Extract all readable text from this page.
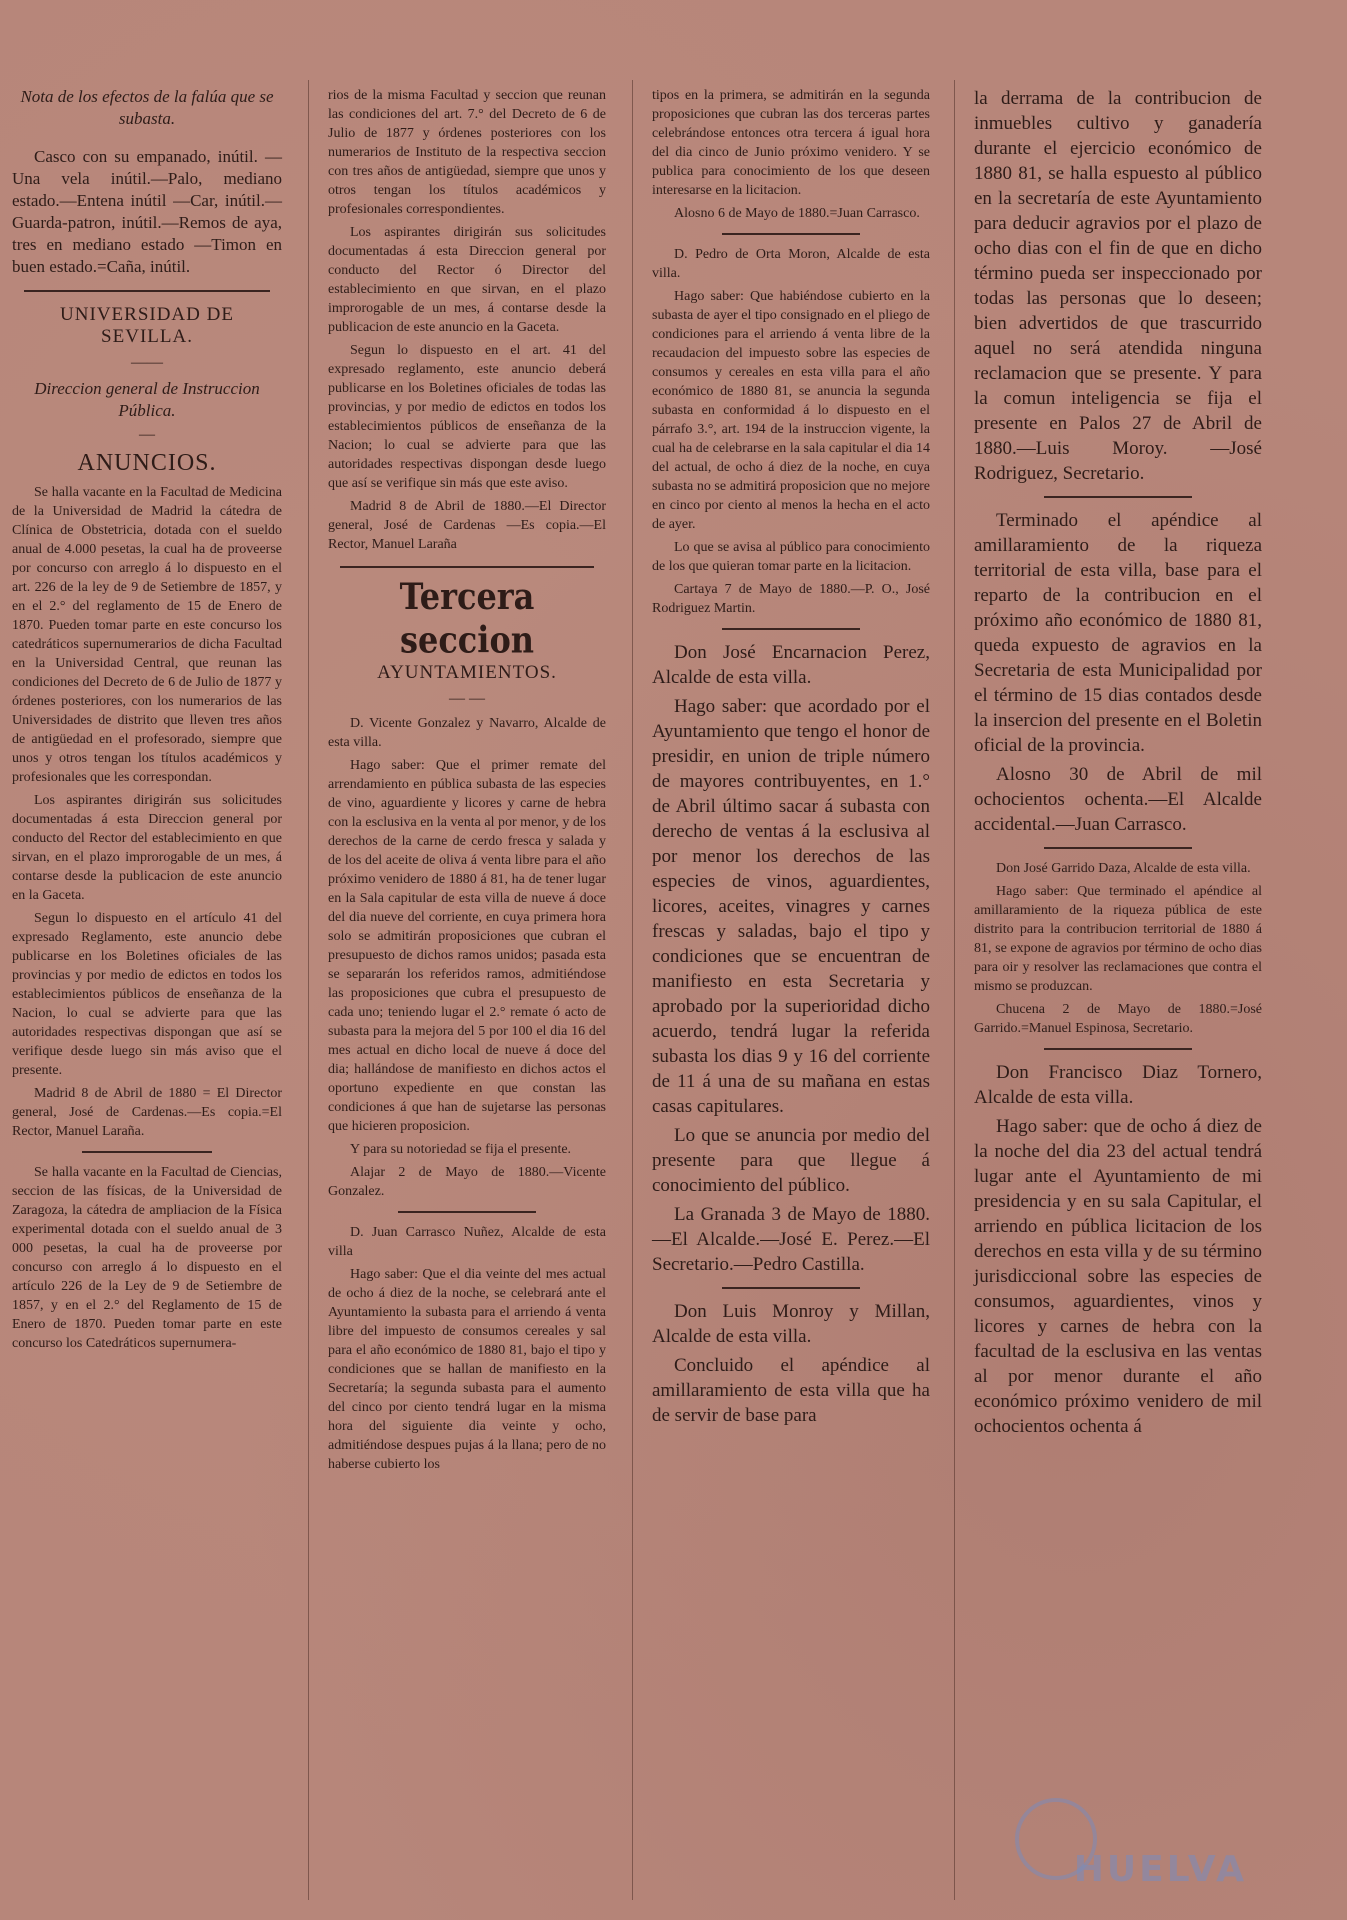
Nota de los efectos de la falúa que se subasta.

Casco con su empanado, inútil. —Una vela inútil.—Palo, mediano estado.—Entena inútil —Car, inútil.—Guarda-patron, inútil.—Remos de aya, tres en mediano estado —Timon en buen estado.=Caña, inútil.

UNIVERSIDAD DE SEVILLA.
——

Direccion general de Instruccion Pública.

—
ANUNCIOS.

Se halla vacante en la Facultad de Medicina de la Universidad de Madrid la cátedra de Clínica de Obstetricia, dotada con el sueldo anual de 4.000 pesetas, la cual ha de proveerse por concurso con arreglo á lo dispuesto en el art. 226 de la ley de 9 de Setiembre de 1857, y en el 2.° del reglamento de 15 de Enero de 1870. Pueden tomar parte en este concurso los catedráticos supernumerarios de dicha Facultad en la Universidad Central, que reunan las condiciones del Decreto de 6 de Julio de 1877 y órdenes posteriores, con los numerarios de las Universidades de distrito que lleven tres años de antigüedad en el profesorado, siempre que unos y otros tengan los títulos académicos y profesionales que les correspondan.

Los aspirantes dirigirán sus solicitudes documentadas á esta Direccion general por conducto del Rector del establecimiento en que sirvan, en el plazo improrogable de un mes, á contarse desde la publicacion de este anuncio en la Gaceta.

Segun lo dispuesto en el artículo 41 del expresado Reglamento, este anuncio debe publicarse en los Boletines oficiales de las provincias y por medio de edictos en todos los establecimientos públicos de enseñanza de la Nacion, lo cual se advierte para que las autoridades respectivas dispongan que así se verifique desde luego sin más aviso que el presente.

Madrid 8 de Abril de 1880 = El Director general, José de Cardenas.—Es copia.=El Rector, Manuel Laraña.

Se halla vacante en la Facultad de Ciencias, seccion de las físicas, de la Universidad de Zaragoza, la cátedra de ampliacion de la Física experimental dotada con el sueldo anual de 3 000 pesetas, la cual ha de proveerse por concurso con arreglo á lo dispuesto en el artículo 226 de la Ley de 9 de Setiembre de 1857, y en el 2.° del Reglamento de 15 de Enero de 1870. Pueden tomar parte en este concurso los Catedráticos supernumera-

rios de la misma Facultad y seccion que reunan las condiciones del art. 7.° del Decreto de 6 de Julio de 1877 y órdenes posteriores con los numerarios de Instituto de la respectiva seccion con tres años de antigüedad, siempre que unos y otros tengan los títulos académicos y profesionales correspondientes.

Los aspirantes dirigirán sus solicitudes documentadas á esta Direccion general por conducto del Rector ó Director del establecimiento en que sirvan, en el plazo improrogable de un mes, á contarse desde la publicacion de este anuncio en la Gaceta.

Segun lo dispuesto en el art. 41 del expresado reglamento, este anuncio deberá publicarse en los Boletines oficiales de todas las provincias, y por medio de edictos en todos los establecimientos públicos de enseñanza de la Nacion; lo cual se advierte para que las autoridades respectivas dispongan desde luego que así se verifique sin más que este aviso.

Madrid 8 de Abril de 1880.—El Director general, José de Cardenas —Es copia.—El Rector, Manuel Laraña

Tercera seccion
AYUNTAMIENTOS.
— —

D. Vicente Gonzalez y Navarro, Alcalde de esta villa.

Hago saber: Que el primer remate del arrendamiento en pública subasta de las especies de vino, aguardiente y licores y carne de hebra con la esclusiva en la venta al por menor, y de los derechos de la carne de cerdo fresca y salada y de los del aceite de oliva á venta libre para el año próximo venidero de 1880 á 81, ha de tener lugar en la Sala capitular de esta villa de nueve á doce del dia nueve del corriente, en cuya primera hora solo se admitirán proposiciones que cubran el presupuesto de dichos ramos unidos; pasada esta se separarán los referidos ramos, admitiéndose las proposiciones que cubra el presupuesto de cada uno; teniendo lugar el 2.° remate ó acto de subasta para la mejora del 5 por 100 el dia 16 del mes actual en dicho local de nueve á doce del dia; hallándose de manifiesto en dichos actos el oportuno expediente en que constan las condiciones á que han de sujetarse las personas que hicieren proposicion.

Y para su notoriedad se fija el presente.

Alajar 2 de Mayo de 1880.—Vicente Gonzalez.

D. Juan Carrasco Nuñez, Alcalde de esta villa

Hago saber: Que el dia veinte del mes actual de ocho á diez de la noche, se celebrará ante el Ayuntamiento la subasta para el arriendo á venta libre del impuesto de consumos cereales y sal para el año económico de 1880 81, bajo el tipo y condiciones que se hallan de manifiesto en la Secretaría; la segunda subasta para el aumento del cinco por ciento tendrá lugar en la misma hora del siguiente dia veinte y ocho, admitiéndose despues pujas á la llana; pero de no haberse cubierto los

tipos en la primera, se admitirán en la segunda proposiciones que cubran las dos terceras partes celebrándose entonces otra tercera á igual hora del dia cinco de Junio próximo venidero. Y se publica para conocimiento de los que deseen interesarse en la licitacion.

Alosno 6 de Mayo de 1880.=Juan Carrasco.

D. Pedro de Orta Moron, Alcalde de esta villa.

Hago saber: Que habiéndose cubierto en la subasta de ayer el tipo consignado en el pliego de condiciones para el arriendo á venta libre de la recaudacion del impuesto sobre las especies de consumos y cereales en esta villa para el año económico de 1880 81, se anuncia la segunda subasta en conformidad á lo dispuesto en el párrafo 3.°, art. 194 de la instruccion vigente, la cual ha de celebrarse en la sala capitular el dia 14 del actual, de ocho á diez de la noche, en cuya subasta no se admitirá proposicion que no mejore en cinco por ciento al menos la hecha en el acto de ayer.

Lo que se avisa al público para conocimiento de los que quieran tomar parte en la licitacion.

Cartaya 7 de Mayo de 1880.—P. O., José Rodriguez Martin.

Don José Encarnacion Perez, Alcalde de esta villa.

Hago saber: que acordado por el Ayuntamiento que tengo el honor de presidir, en union de triple número de mayores contribuyentes, en 1.° de Abril último sacar á subasta con derecho de ventas á la esclusiva al por menor los derechos de las especies de vinos, aguardientes, licores, aceites, vinagres y carnes frescas y saladas, bajo el tipo y condiciones que se encuentran de manifiesto en esta Secretaria y aprobado por la superioridad dicho acuerdo, tendrá lugar la referida subasta los dias 9 y 16 del corriente de 11 á una de su mañana en estas casas capitulares.

Lo que se anuncia por medio del presente para que llegue á conocimiento del público.

La Granada 3 de Mayo de 1880.—El Alcalde.—José E. Perez.—El Secretario.—Pedro Castilla.

Don Luis Monroy y Millan, Alcalde de esta villa.

Concluido el apéndice al amillaramiento de esta villa que ha de servir de base para

la derrama de la contribucion de inmuebles cultivo y ganadería durante el ejercicio económico de 1880 81, se halla espuesto al público en la secretaría de este Ayuntamiento para deducir agravios por el plazo de ocho dias con el fin de que en dicho término pueda ser inspeccionado por todas las personas que lo deseen; bien advertidos de que trascurrido aquel no será atendida ninguna reclamacion que se presente. Y para la comun inteligencia se fija el presente en Palos 27 de Abril de 1880.—Luis Moroy. —José Rodriguez, Secretario.

Terminado el apéndice al amillaramiento de la riqueza territorial de esta villa, base para el reparto de la contribucion en el próximo año económico de 1880 81, queda expuesto de agravios en la Secretaria de esta Municipalidad por el término de 15 dias contados desde la insercion del presente en el Boletin oficial de la provincia.

Alosno 30 de Abril de mil ochocientos ochenta.—El Alcalde accidental.—Juan Carrasco.

Don José Garrido Daza, Alcalde de esta villa.

Hago saber: Que terminado el apéndice al amillaramiento de la riqueza pública de este distrito para la contribucion territorial de 1880 á 81, se expone de agravios por término de ocho dias para oir y resolver las reclamaciones que contra el mismo se produzcan.

Chucena 2 de Mayo de 1880.=José Garrido.=Manuel Espinosa, Secretario.

Don Francisco Diaz Tornero, Alcalde de esta villa.

Hago saber: que de ocho á diez de la noche del dia 23 del actual tendrá lugar ante el Ayuntamiento de mi presidencia y en su sala Capitular, el arriendo en pública licitacion de los derechos en esta villa y de su término jurisdiccional sobre las especies de consumos, aguardientes, vinos y licores y carnes de hebra con la facultad de la esclusiva en las ventas al por menor durante el año económico próximo venidero de mil ochocientos ochenta á

HUELVA
